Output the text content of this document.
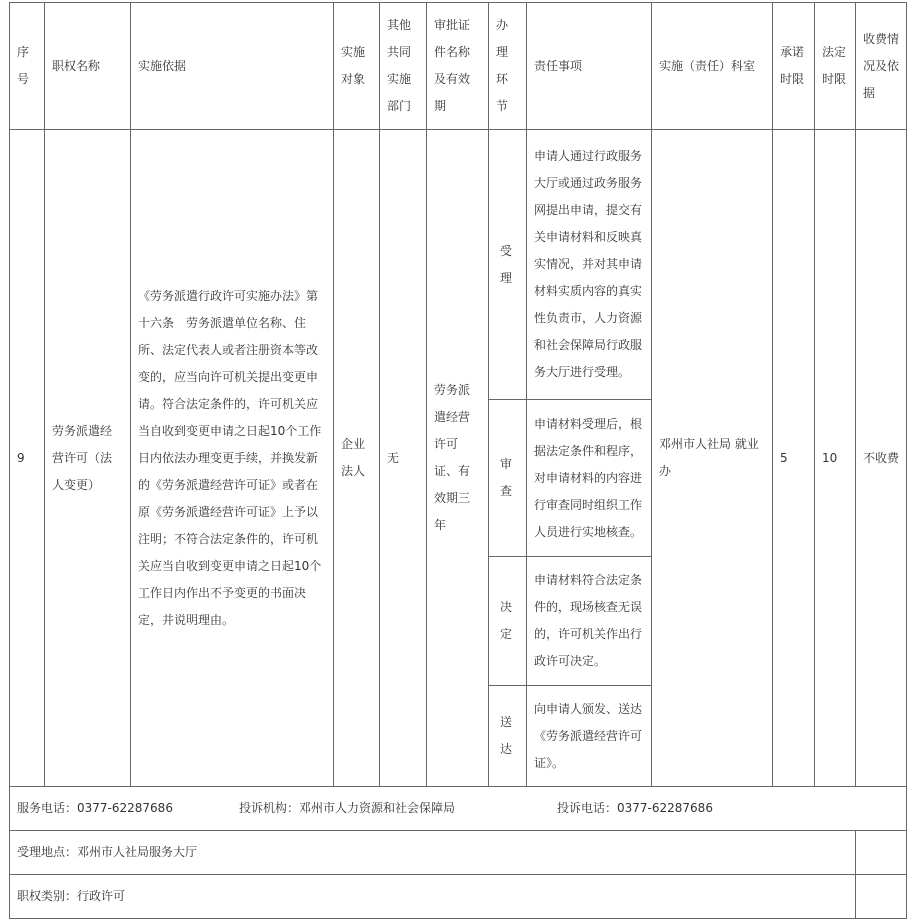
序号	职权名称	实施依据	实施对象	其他共同实施部门	审批证件名称及有效期	办理环节	责任事项	实施（责任）科室	承诺时限	法定时限	收费情况及依据
9	劳务派遣经营许可（法人变更）	《劳务派遣行政许可实施办法》第十六条　劳务派遣单位名称、住所、法定代表人或者注册资本等改变的，应当向许可机关提出变更申请。符合法定条件的，许可机关应当自收到变更申请之日起10个工作日内依法办理变更手续，并换发新的《劳务派遣经营许可证》或者在原《劳务派遣经营许可证》上予以注明；不符合法定条件的，许可机关应当自收到变更申请之日起10个工作日内作出不予变更的书面决定，并说明理由。	企业法人	无	劳务派遣经营许可证、有效期三年	受理	申请人通过行政服务大厅或通过政务服务网提出申请，提交有关申请材料和反映真实情况，并对其申请材料实质内容的真实性负责市，人力资源和社会保障局行政服务大厅进行受理。	邓州市人社局 就业办	5	10	不收费
						审查	申请材料受理后，根据法定条件和程序，对申请材料的内容进行审查同时组织工作人员进行实地核查。				
						决定	申请材料符合法定条件的，现场核查无误的，许可机关作出行政许可决定。				
						送达	向申请人颁发、送达《劳务派遣经营许可证》。				
服务电话：0377-62287686 投诉机构：邓州市人力资源和社会保障局 投诉电话：0377-62287686											
受理地点：邓州市人社局服务大厅											
职权类别：行政许可											
